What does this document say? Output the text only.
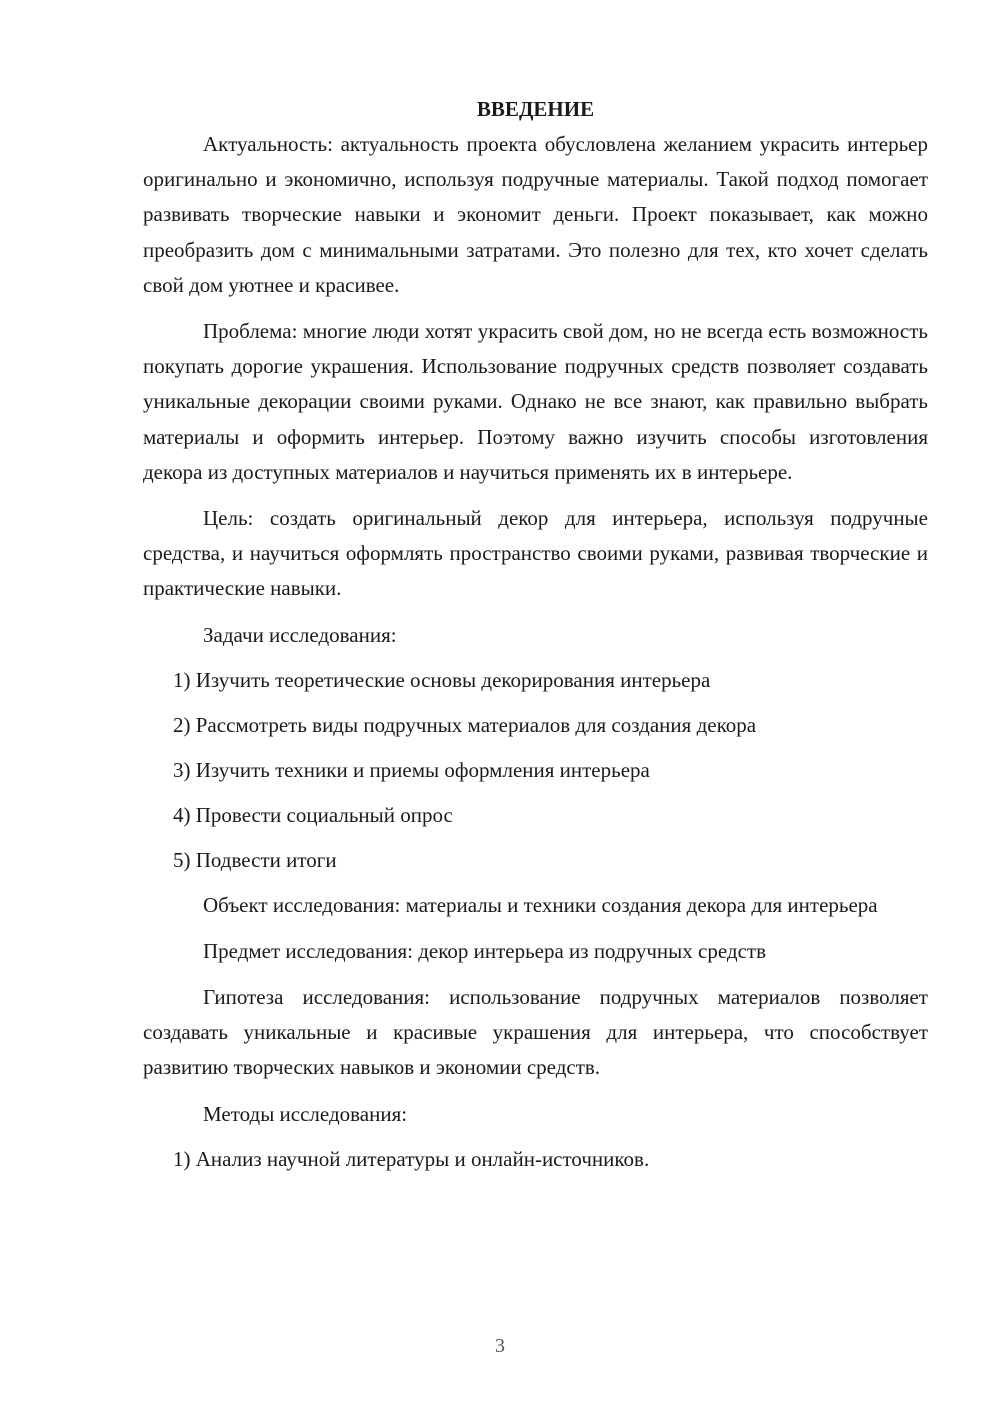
ВВЕДЕНИЕ

Актуальность: актуальность проекта обусловлена желанием украсить интерьер оригинально и экономично, используя подручные материалы. Такой подход помогает развивать творческие навыки и экономит деньги. Проект показывает, как можно преобразить дом с минимальными затратами. Это полезно для тех, кто хочет сделать свой дом уютнее и красивее.

Проблема: многие люди хотят украсить свой дом, но не всегда есть возможность покупать дорогие украшения. Использование подручных средств позволяет создавать уникальные декорации своими руками. Однако не все знают, как правильно выбрать материалы и оформить интерьер. Поэтому важно изучить способы изготовления декора из доступных материалов и научиться применять их в интерьере.

Цель: создать оригинальный декор для интерьера, используя подручные средства, и научиться оформлять пространство своими руками, развивая творческие и практические навыки.

Задачи исследования:
1) Изучить теоретические основы декорирования интерьера
2) Рассмотреть виды подручных материалов для создания декора
3) Изучить техники и приемы оформления интерьера
4) Провести социальный опрос
5) Подвести итоги

Объект исследования: материалы и техники создания декора для интерьера

Предмет исследования: декор интерьера из подручных средств

Гипотеза исследования: использование подручных материалов позволяет создавать уникальные и красивые украшения для интерьера, что способствует развитию творческих навыков и экономии средств.

Методы исследования:
1) Анализ научной литературы и онлайн-источников.
3
